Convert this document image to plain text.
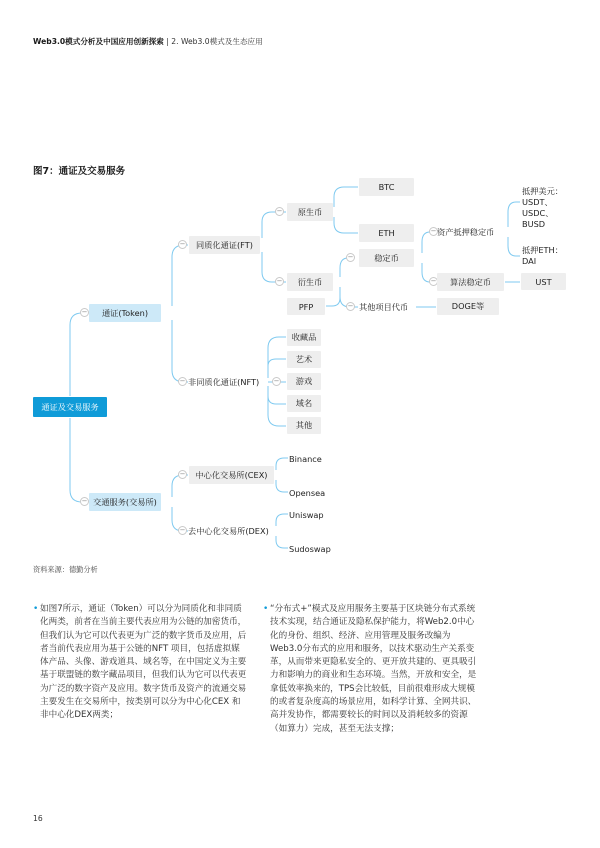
Web3.0模式分析及中国应用创新探索 | 2. Web3.0模式及生态应用
图7：通证及交易服务
−
−
−
−
−
−
−
−
−
−
−
−
−
通证及交易服务
通证(Token)
交通服务(交易所)
同质化通证(FT)
非同质化通证(NFT)
原生币
衍生币
PFP
BTC
ETH
稳定币
其他项目代币	DOGE等
资产抵押稳定币
算法稳定币
抵押美元：
USDT、
USDC、
BUSD
抵押ETH：
DAI
UST
收藏品
艺术
游戏
域名
其他
中心化交易所(CEX)
去中心化交易所(DEX)
Binance
Opensea
Uniswap
Sudoswap
资料来源：德勤分析
• 如图7所示，通证（Token）可以分为同质化和非同质化两类，前者在当前主要代表应用为公链的加密货币，但我们认为它可以代表更为广泛的数字货币及应用，后者当前代表应用为基于公链的NFT 项目，包括虚拟媒体产品、头像、游戏道具、域名等，在中国定义为主要基于联盟链的数字藏品项目，但我们认为它可以代表更为广泛的数字资产及应用。数字货币及资产的流通交易主要发生在交易所中，按类别可以分为中心化CEX 和非中心化DEX两类；
• “分布式+”模式及应用服务主要基于区块链分布式系统技术实现，结合通证及隐私保护能力，将Web2.0中心化的身份、组织、经济、应用管理及服务改编为Web3.0分布式的应用和服务，以技术驱动生产关系变革，从而带来更隐私安全的、更开放共建的、更具吸引力和影响力的商业和生态环境。当然，开放和安全，是拿低效率换来的，TPS会比较低，目前很难形成大规模的或者复杂度高的场景应用，如科学计算、全网共识、高并发协作，都需要较长的时间以及消耗较多的资源（如算力）完成，甚至无法支撑；
16
